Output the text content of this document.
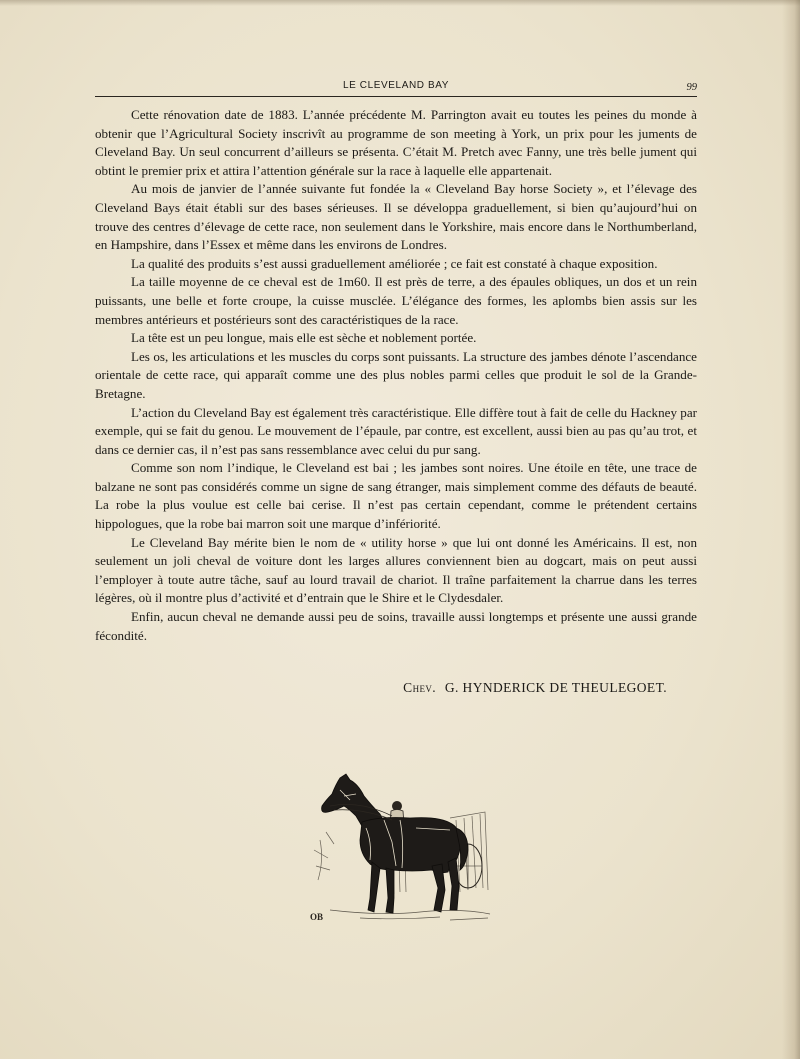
LE CLEVELAND BAY	99

Cette rénovation date de 1883. L’année précédente M. Parrington avait eu toutes les peines du monde à obtenir que l’Agricultural Society inscrivît au programme de son meeting à York, un prix pour les juments de Cleveland Bay. Un seul concurrent d’ailleurs se présenta. C’était M. Pretch avec Fanny, une très belle jument qui obtint le premier prix et attira l’attention générale sur la race à laquelle elle appartenait.

Au mois de janvier de l’année suivante fut fondée la « Cleveland Bay horse Society », et l’élevage des Cleveland Bays était établi sur des bases sérieuses. Il se développa graduellement, si bien qu’aujourd’hui on trouve des centres d’élevage de cette race, non seulement dans le Yorkshire, mais encore dans le Northumberland, en Hampshire, dans l’Essex et même dans les environs de Londres.

La qualité des produits s’est aussi graduellement améliorée ; ce fait est constaté à chaque exposition.

La taille moyenne de ce cheval est de 1m60. Il est près de terre, a des épaules obliques, un dos et un rein puissants, une belle et forte croupe, la cuisse musclée. L’élégance des formes, les aplombs bien assis sur les membres antérieurs et postérieurs sont des caractéristiques de la race.

La tête est un peu longue, mais elle est sèche et noblement portée.

Les os, les articulations et les muscles du corps sont puissants. La structure des jambes dénote l’ascendance orientale de cette race, qui apparaît comme une des plus nobles parmi celles que produit le sol de la Grande-Bretagne.

L’action du Cleveland Bay est également très caractéristique. Elle diffère tout à fait de celle du Hackney par exemple, qui se fait du genou. Le mouvement de l’épaule, par contre, est excellent, aussi bien au pas qu’au trot, et dans ce dernier cas, il n’est pas sans ressemblance avec celui du pur sang.

Comme son nom l’indique, le Cleveland est bai ; les jambes sont noires. Une étoile en tête, une trace de balzane ne sont pas considérés comme un signe de sang étranger, mais simplement comme des défauts de beauté. La robe la plus voulue est celle bai cerise. Il n’est pas certain cependant, comme le prétendent certains hippologues, que la robe bai marron soit une marque d’infériorité.

Le Cleveland Bay mérite bien le nom de « utility horse » que lui ont donné les Américains. Il est, non seulement un joli cheval de voiture dont les larges allures conviennent bien au dogcart, mais on peut aussi l’employer à toute autre tâche, sauf au lourd travail de chariot. Il traîne parfaitement la charrue dans les terres légères, où il montre plus d’activité et d’entrain que le Shire et le Clydesdaler.

Enfin, aucun cheval ne demande aussi peu de soins, travaille aussi longtemps et présente une aussi grande fécondité.

Chev. G. HYNDERICK DE THEULEGOET.
OB
